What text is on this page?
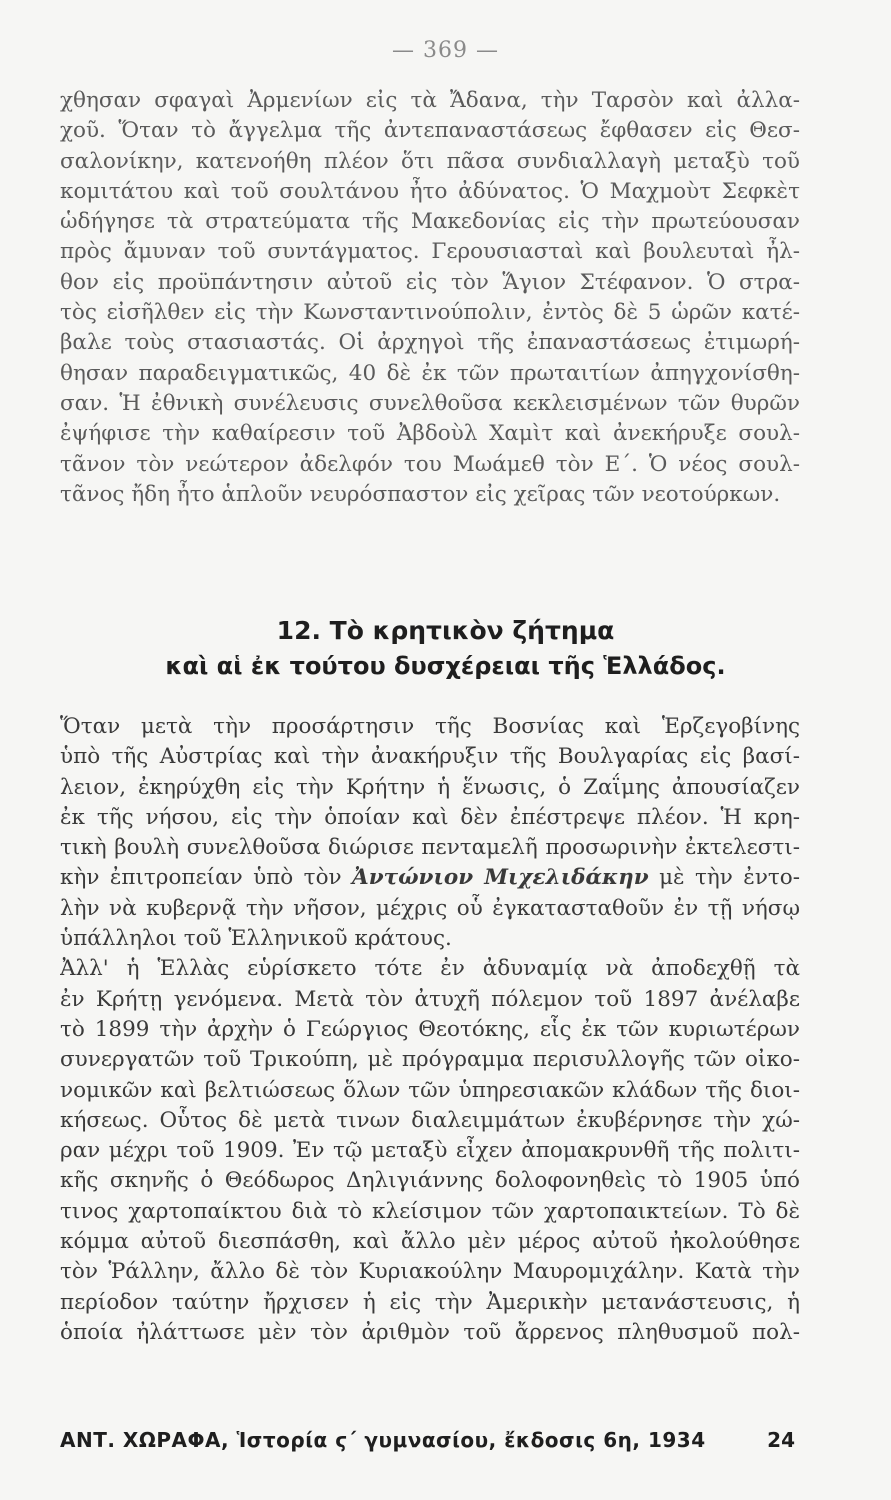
— 369 —
χθησαν σφαγαὶ Ἀρμενίων εἰς τὰ Ἄδανα, τὴν Ταρσὸν καὶ ἀλλα-
χοῦ. Ὅταν τὸ ἄγγελμα τῆς ἀντεπαναστάσεως ἔφθασεν εἰς Θεσ-
σαλονίκην, κατενοήθη πλέον ὅτι πᾶσα συνδιαλλαγὴ μεταξὺ τοῦ
κομιτάτου καὶ τοῦ σουλτάνου ἦτο ἀδύνατος. Ὁ Μαχμοὺτ Σεφκὲτ
ὡδήγησε τὰ στρατεύματα τῆς Μακεδονίας εἰς τὴν πρωτεύουσαν
πρὸς ἄμυναν τοῦ συντάγματος. Γερουσιασταὶ καὶ βουλευταὶ ἦλ-
θον εἰς προϋπάντησιν αὐτοῦ εἰς τὸν Ἅγιον Στέφανον. Ὁ στρα-
τὸς εἰσῆλθεν εἰς τὴν Κωνσταντινούπολιν, ἐντὸς δὲ 5 ὡρῶν κατέ-
βαλε τοὺς στασιαστάς. Οἱ ἀρχηγοὶ τῆς ἐπαναστάσεως ἐτιμωρή-
θησαν παραδειγματικῶς, 40 δὲ ἐκ τῶν πρωταιτίων ἀπηγχονίσθη-
σαν. Ἡ ἐθνικὴ συνέλευσις συνελθοῦσα κεκλεισμένων τῶν θυρῶν
ἐψήφισε τὴν καθαίρεσιν τοῦ Ἀβδοὺλ Χαμὶτ καὶ ἀνεκήρυξε σουλ-
τᾶνον τὸν νεώτερον ἀδελφόν του Μωάμεθ τὸν Ε΄. Ὁ νέος σουλ-
τᾶνος ἤδη ἦτο ἁπλοῦν νευρόσπαστον εἰς χεῖρας τῶν νεοτούρκων.
12. Τὸ κρητικὸν ζήτημα
καὶ αἱ ἐκ τούτου δυσχέρειαι τῆς Ἑλλάδος.
Ὅταν μετὰ τὴν προσάρτησιν τῆς Βοσνίας καὶ Ἑρζεγοβίνης
ὑπὸ τῆς Αὐστρίας καὶ τὴν ἀνακήρυξιν τῆς Βουλγαρίας εἰς βασί-
λειον, ἐκηρύχθη εἰς τὴν Κρήτην ἡ ἕνωσις, ὁ Ζαΐμης ἀπουσίαζεν
ἐκ τῆς νήσου, εἰς τὴν ὁποίαν καὶ δὲν ἐπέστρεψε πλέον. Ἡ κρη-
τικὴ βουλὴ συνελθοῦσα διώρισε πενταμελῆ προσωρινὴν ἐκτελεστι-
κὴν ἐπιτροπείαν ὑπὸ τὸν Ἀντώνιον Μιχελιδάκην μὲ τὴν ἐντο-
λὴν νὰ κυβερνᾷ τὴν νῆσον, μέχρις οὗ ἐγκατασταθοῦν ἐν τῇ νήσῳ
ὑπάλληλοι τοῦ Ἑλληνικοῦ κράτους.
Ἀλλ' ἡ Ἑλλὰς εὑρίσκετο τότε ἐν ἀδυναμίᾳ νὰ ἀποδεχθῇ τὰ
ἐν Κρήτῃ γενόμενα. Μετὰ τὸν ἀτυχῆ πόλεμον τοῦ 1897 ἀνέλαβε
τὸ 1899 τὴν ἀρχὴν ὁ Γεώργιος Θεοτόκης, εἷς ἐκ τῶν κυριωτέρων
συνεργατῶν τοῦ Τρικούπη, μὲ πρόγραμμα περισυλλογῆς τῶν οἰκο-
νομικῶν καὶ βελτιώσεως ὅλων τῶν ὑπηρεσιακῶν κλάδων τῆς διοι-
κήσεως. Οὗτος δὲ μετὰ τινων διαλειμμάτων ἐκυβέρνησε τὴν χώ-
ραν μέχρι τοῦ 1909. Ἐν τῷ μεταξὺ εἶχεν ἀπομακρυνθῆ τῆς πολιτι-
κῆς σκηνῆς ὁ Θεόδωρος Δηλιγιάννης δολοφονηθεὶς τὸ 1905 ὑπό
τινος χαρτοπαίκτου διὰ τὸ κλείσιμον τῶν χαρτοπαικτείων. Τὸ δὲ
κόμμα αὐτοῦ διεσπάσθη, καὶ ἄλλο μὲν μέρος αὐτοῦ ἠκολούθησε
τὸν Ῥάλλην, ἄλλο δὲ τὸν Κυριακούλην Μαυρομιχάλην. Κατὰ τὴν
περίοδον ταύτην ἤρχισεν ἡ εἰς τὴν Ἀμερικὴν μετανάστευσις, ἡ
ὁποία ἠλάττωσε μὲν τὸν ἀριθμὸν τοῦ ἄρρενος πληθυσμοῦ πολ-
ΑΝΤ. ΧΩΡΑΦΑ, Ἱστορία ϛ΄ γυμνασίου, ἔκδοσις 6η, 1934	24
